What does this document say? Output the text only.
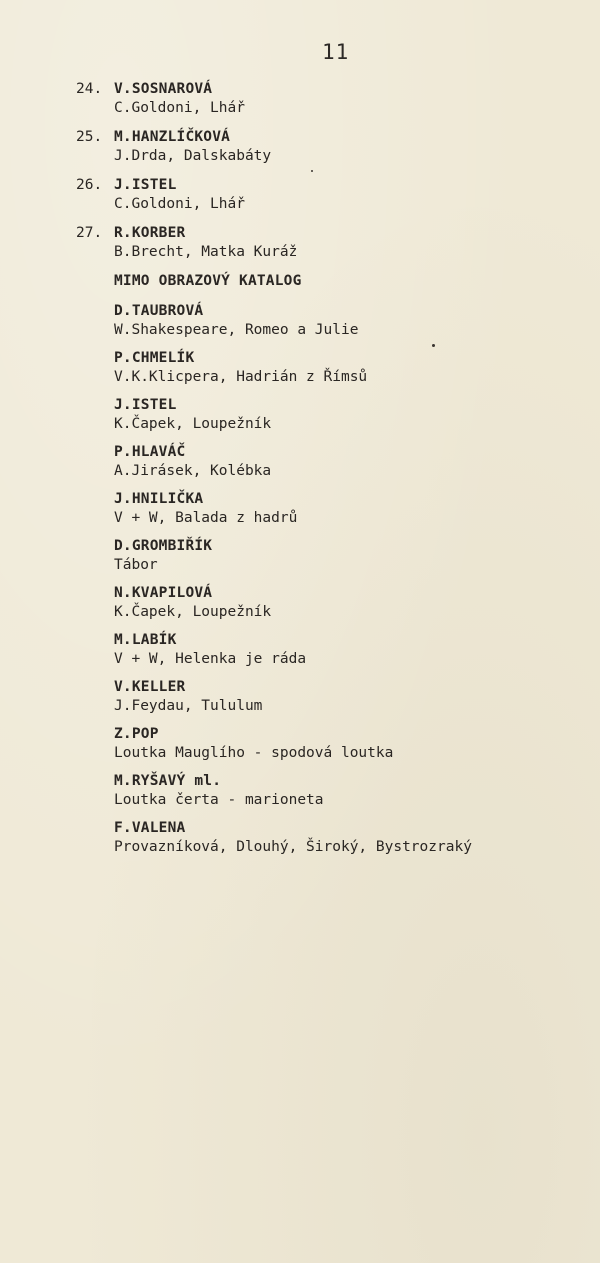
11
24. V.SOSNAROVÁ
C.Goldoni, Lhář
25. M.HANZLÍČKOVÁ
J.Drda, Dalskabáty
26. J.ISTEL
C.Goldoni, Lhář
27. R.KORBER
B.Brecht, Matka Kuráž
MIMO OBRAZOVÝ KATALOG
D.TAUBROVÁ
W.Shakespeare, Romeo a Julie
P.CHMELÍK
V.K.Klicpera, Hadrián z Římsů
J.ISTEL
K.Čapek, Loupežník
P.HLAVÁČ
A.Jirásek, Kolébka
J.HNILIČKA
V + W, Balada z hadrů
D.GROMBIŘÍK
Tábor
N.KVAPILOVÁ
K.Čapek, Loupežník
M.LABÍK
V + W, Helenka je ráda
V.KELLER
J.Feydau, Tululum
Z.POP
Loutka Mauglího - spodová loutka
M.RYŠAVÝ ml.
Loutka čerta - marioneta
F.VALENA
Provazníková, Dlouhý, Široký, Bystrozraký
